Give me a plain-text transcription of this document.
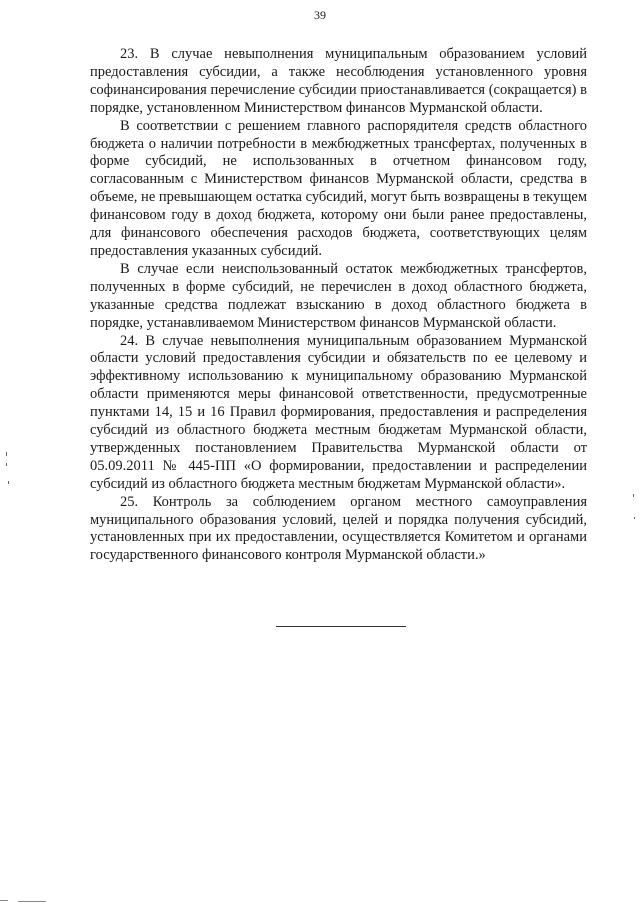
39

23. В случае невыполнения муниципальным образованием условий предоставления субсидии, а также несоблюдения установленного уровня софинансирования перечисление субсидии приостанавливается (сокращается) в порядке, установленном Министерством финансов Мурманской области.

В соответствии с решением главного распорядителя средств областного бюджета о наличии потребности в межбюджетных трансфертах, полученных в форме субсидий, не использованных в отчетном финансовом году, согласованным с Министерством финансов Мурманской области, средства в объеме, не превышающем остатка субсидий, могут быть возвращены в текущем финансовом году в доход бюджета, которому они были ранее предоставлены, для финансового обеспечения расходов бюджета, соответствующих целям предоставления указанных субсидий.

В случае если неиспользованный остаток межбюджетных трансфертов, полученных в форме субсидий, не перечислен в доход областного бюджета, указанные средства подлежат взысканию в доход областного бюджета в порядке, устанавливаемом Министерством финансов Мурманской области.

24. В случае невыполнения муниципальным образованием Мурманской области условий предоставления субсидии и обязательств по ее целевому и эффективному использованию к муниципальному образованию Мурманской области применяются меры финансовой ответственности, предусмотренные пунктами 14, 15 и 16 Правил формирования, предоставления и распределения субсидий из областного бюджета местным бюджетам Мурманской области, утвержденных постановлением Правительства Мурманской области от 05.09.2011 № 445-ПП «О формировании, предоставлении и распределении субсидий из областного бюджета местным бюджетам Мурманской области».

25. Контроль за соблюдением органом местного самоуправления муниципального образования условий, целей и порядка получения субсидий, установленных при их предоставлении, осуществляется Комитетом и органами государственного финансового контроля Мурманской области.»
